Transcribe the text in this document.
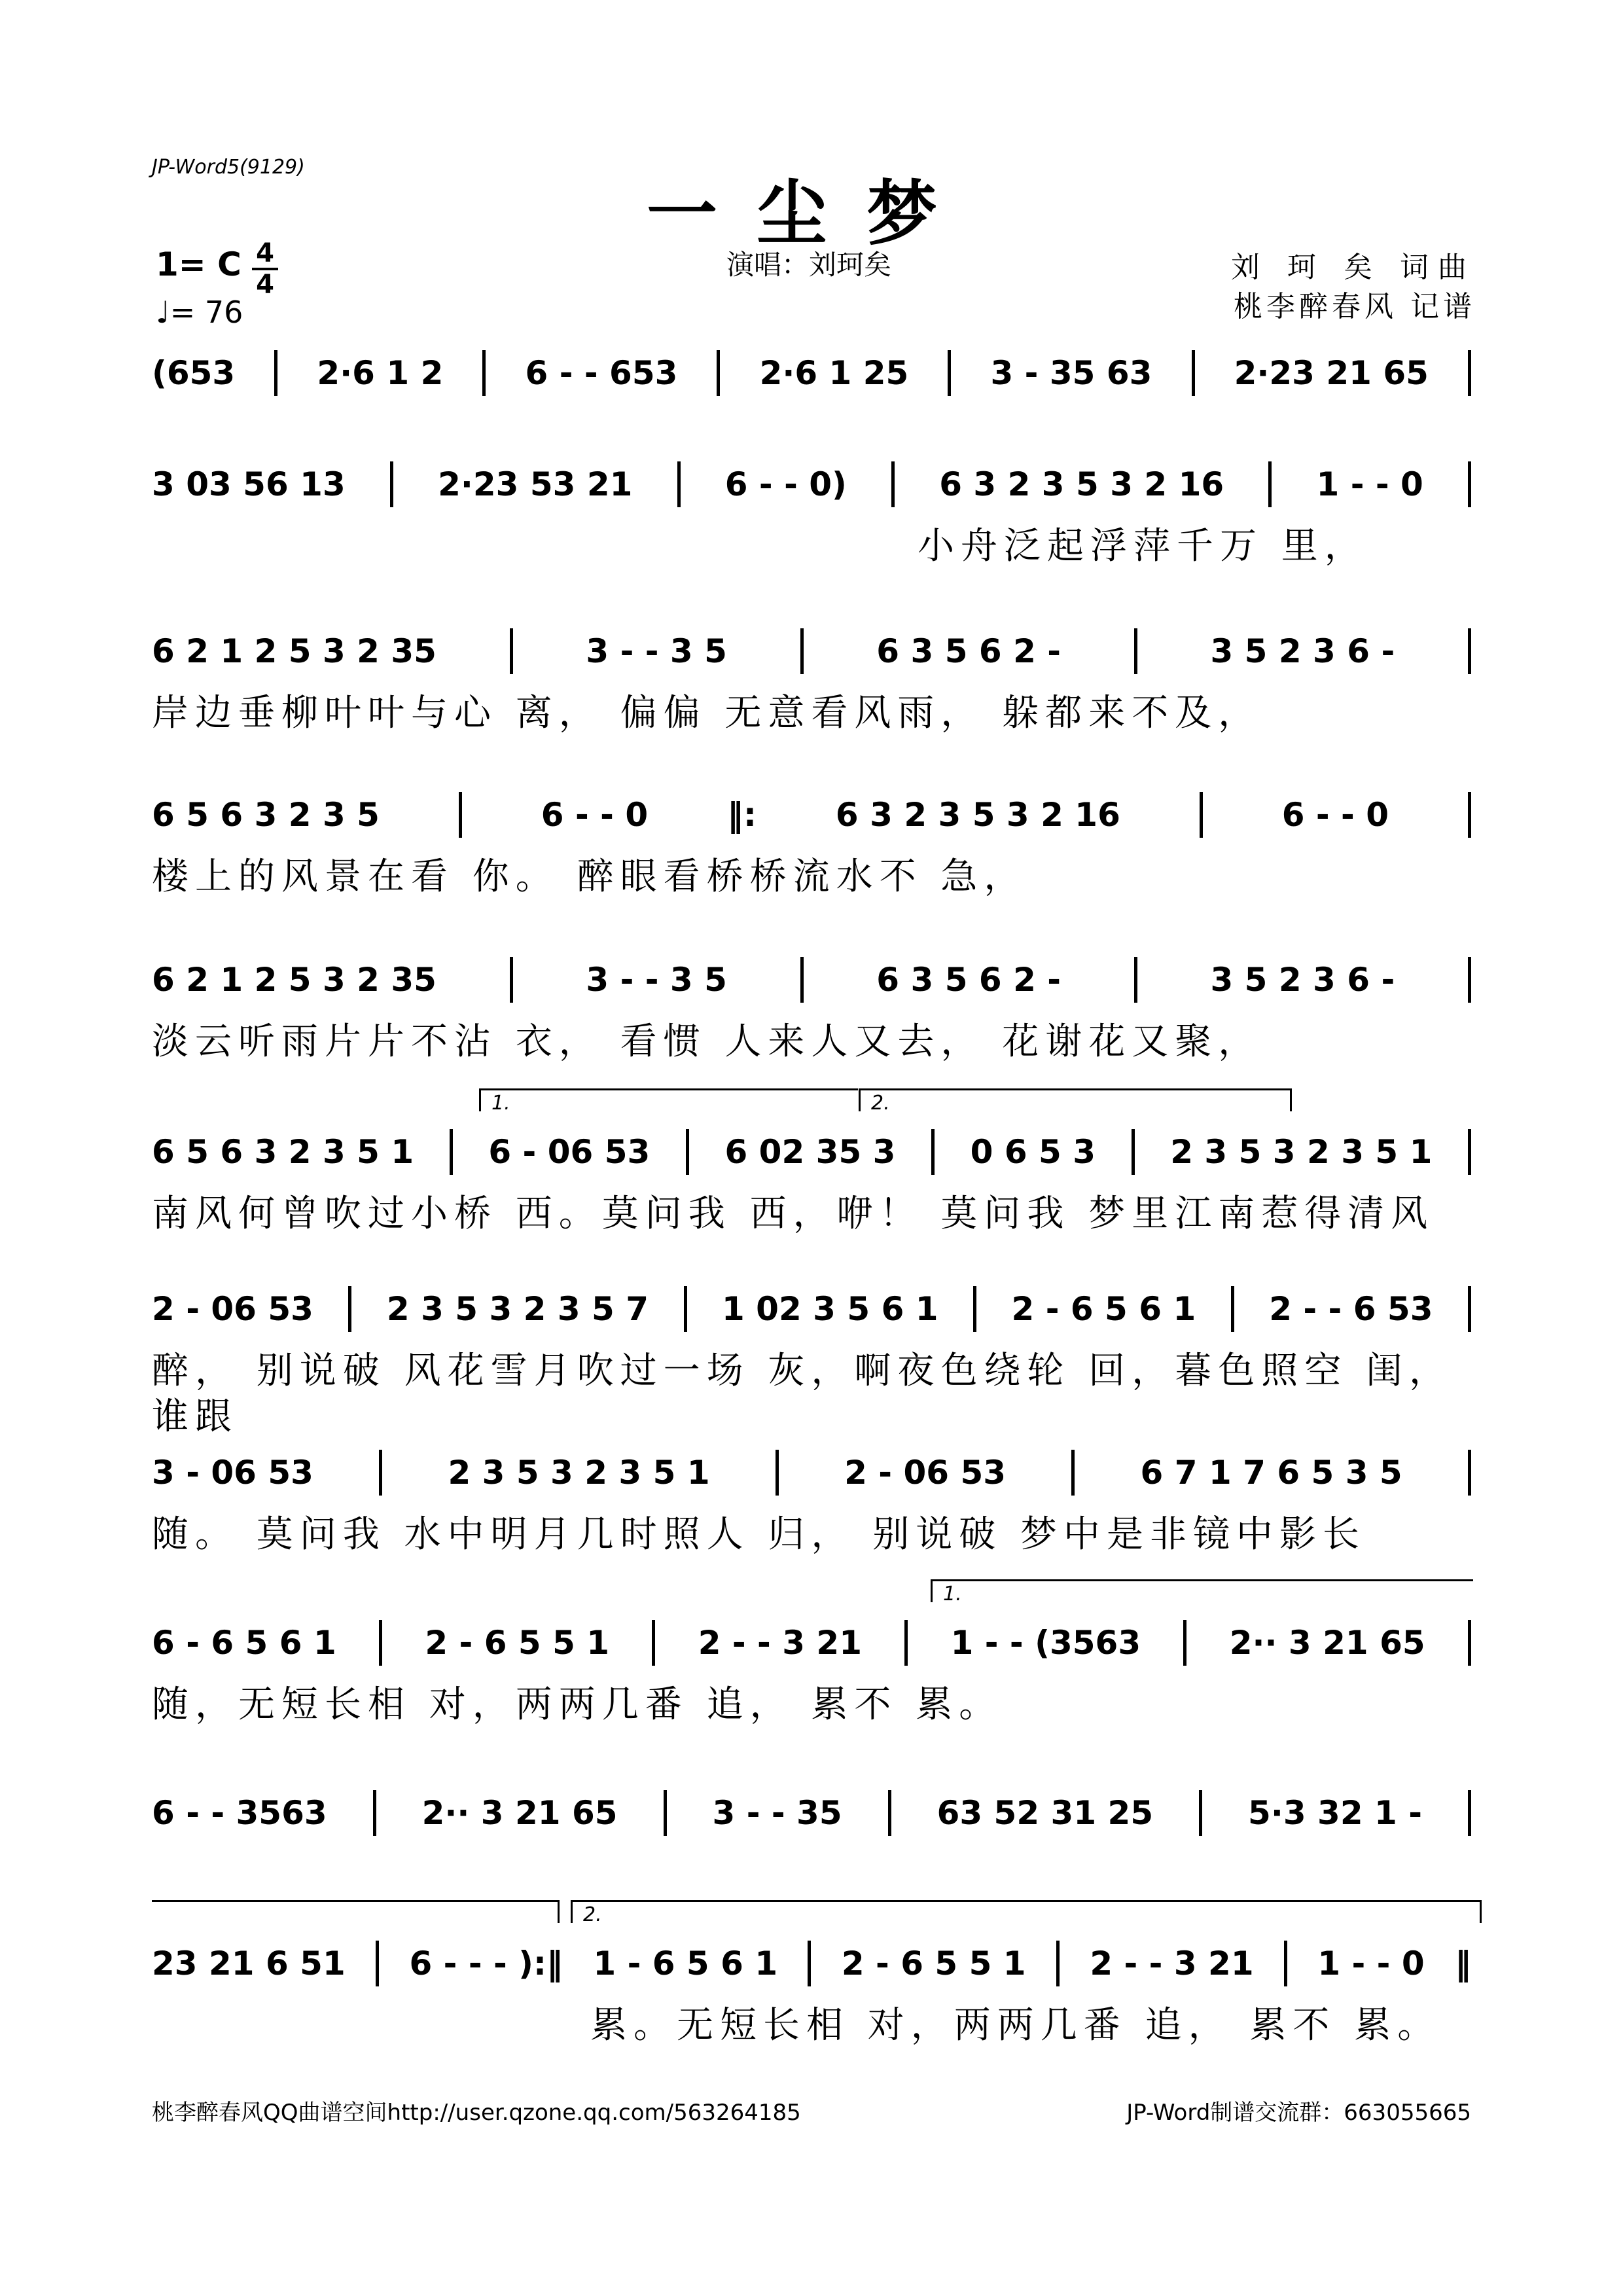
JP-Word5(9129)
一尘梦
演唱：刘珂矣	刘 珂 矣 词曲
桃李醉春风 记谱
1= C 4
4
♩= 76
(653	2·6 1 2	6 - - 653	2·6 1 25	3 - 35 63	2·23 21 65
3 03 56 13	2·23 53 21	6 - - 0)	6 3 2 3 5 3 2 16	1 - - 0
小舟泛起浮萍千万 里，
6 2 1 2 5 3 2 35	3 - - 3 5	6 3 5 6 2 -	3 5 2 3 6 -
岸边垂柳叶叶与心 离， 偏偏 无意看风雨， 躲都来不及，
6 5 6 3 2 3 5	6 - - 0 ‖: 6 3 2 3 5 3 2 16	6 - - 0
楼上的风景在看 你。 醉眼看桥桥流水不 急，
6 2 1 2 5 3 2 35	3 - - 3 5	6 3 5 6 2 -	3 5 2 3 6 -
淡云听雨片片不沾 衣， 看惯 人来人又去， 花谢花又聚，
1.	2.
6 5 6 3 2 3 5 1 6 - 06 53 6 02 35 3 0 6 5 3 2 3 5 3 2 3 5 1
南风何曾吹过小桥 西。莫问我 西，咿！ 莫问我 梦里江南惹得清风
2 - 06 53 2 3 5 3 2 3 5 7 1 02 3 5 6 1 2 - 6 5 6 1 2 - - 6 53
醉， 别说破 风花雪月吹过一场 灰，啊夜色绕轮 回，暮色照空 闺， 谁跟
3 - 06 53	2 3 5 3 2 3 5 1	2 - 06 53	6 7 1 7 6 5 3 5
随。 莫问我 水中明月几时照人 归， 别说破 梦中是非镜中影长
1.
6 - 6 5 6 1	2 - 6 5 5 1	2 - - 3 21	1 - - (3563	2·· 3 21 65
随，无短长相 对，两两几番 追， 累不 累。
6 - - 3563	2·· 3 21 65	3 - - 35	63 52 31 25	5·3 32 1 -
2.
23 21 6 51 6 - - - ):‖ 1 - 6 5 6 1 2 - 6 5 5 1 2 - - 3 21 1 - - 0 ‖
累。无短长相 对，两两几番 追， 累不 累。
桃李醉春风QQ曲谱空间http://user.qzone.qq.com/563264185	JP-Word制谱交流群：663055665
